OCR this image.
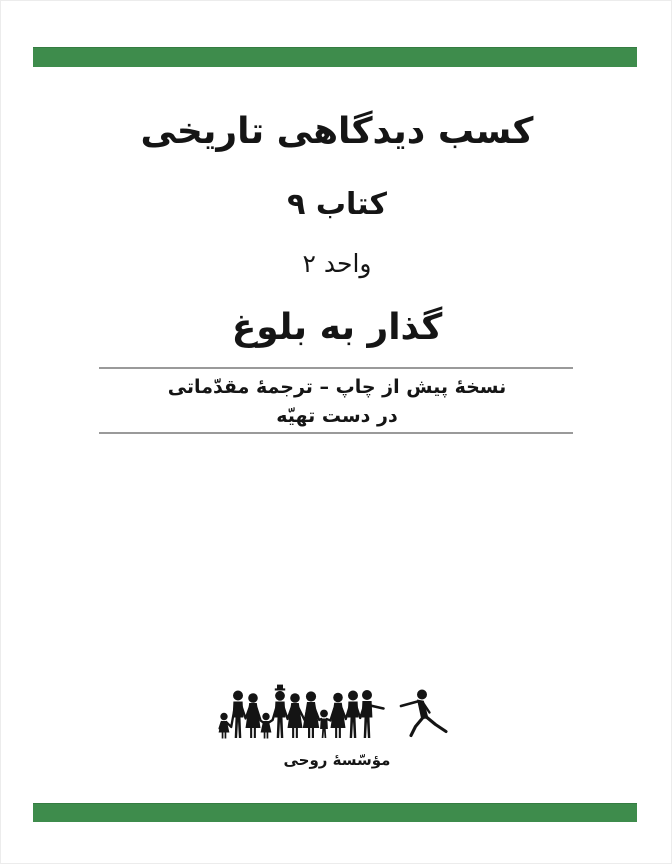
کسب دیدگاهی تاریخی
کتاب ۹
واحد ۲
گذار به بلوغ
نسخهٔ پیش از چاپ – ترجمهٔ مقدّماتی
در دست تهیّه
مؤسّسهٔ روحی
